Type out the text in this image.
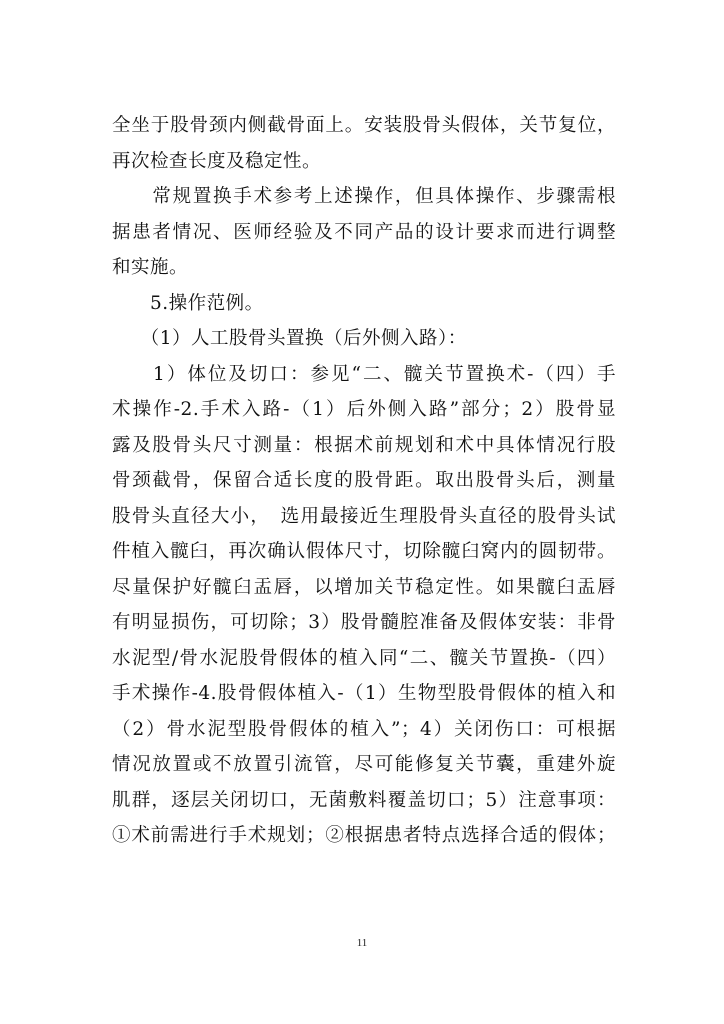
全坐于股骨颈内侧截骨面上。安装股骨头假体，关节复位，
再次检查长度及稳定性。
　　常规置换手术参考上述操作，但具体操作、步骤需根
据患者情况、医师经验及不同产品的设计要求而进行调整
和实施。
　　5.操作范例。
　　（1）人工股骨头置换（后外侧入路）：
　　1）体位及切口：参见“二、髋关节置换术-（四）手
术操作-2.手术入路-（1）后外侧入路”部分；2）股骨显
露及股骨头尺寸测量：根据术前规划和术中具体情况行股
骨颈截骨，保留合适长度的股骨距。取出股骨头后，测量
股骨头直径大小，　选用最接近生理股骨头直径的股骨头试
件植入髋臼，再次确认假体尺寸，切除髋臼窝内的圆韧带。
尽量保护好髋臼盂唇，以增加关节稳定性。如果髋臼盂唇
有明显损伤，可切除；3）股骨髓腔准备及假体安装：非骨
水泥型/骨水泥股骨假体的植入同“二、髋关节置换-（四）
手术操作-4.股骨假体植入-（1）生物型股骨假体的植入和
（2）骨水泥型股骨假体的植入”；4）关闭伤口：可根据
情况放置或不放置引流管，尽可能修复关节囊，重建外旋
肌群，逐层关闭切口，无菌敷料覆盖切口；5）注意事项：
①术前需进行手术规划；②根据患者特点选择合适的假体；
11
